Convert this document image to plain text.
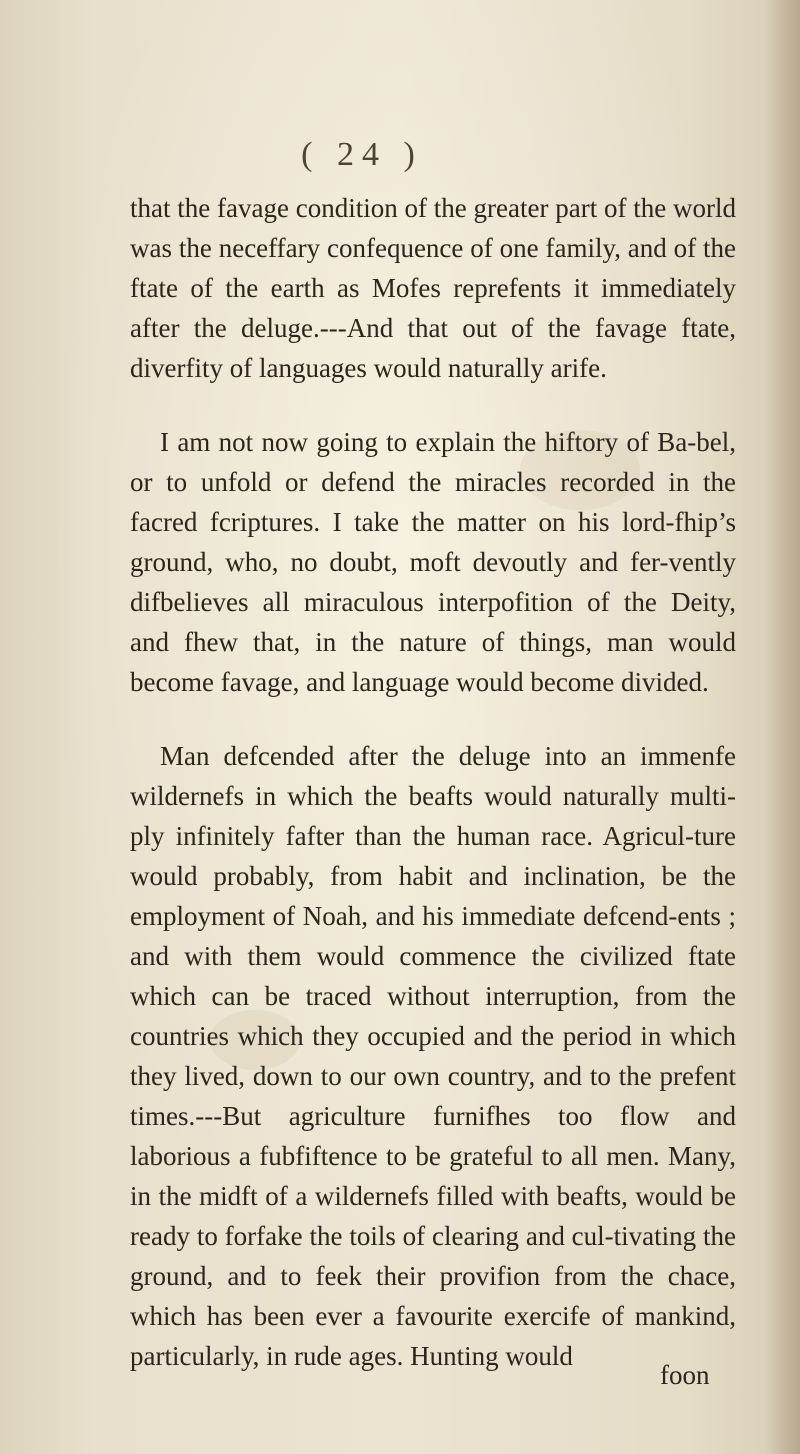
( 24 )

that the favage condition of the greater part of the world was the neceffary confequence of one family, and of the ftate of the earth as Mofes reprefents it immediately after the deluge.---And that out of the favage ftate, diverfity of languages would naturally arife.

I am not now going to explain the hiftory of Ba-bel, or to unfold or defend the miracles recorded in the facred fcriptures. I take the matter on his lord-fhip’s ground, who, no doubt, moft devoutly and fer-vently difbelieves all miraculous interpofition of the Deity, and fhew that, in the nature of things, man would become favage, and language would become divided.

Man defcended after the deluge into an immenfe wildernefs in which the beafts would naturally multi-ply infinitely fafter than the human race. Agricul-ture would probably, from habit and inclination, be the employment of Noah, and his immediate defcend-ents ; and with them would commence the civilized ftate which can be traced without interruption, from the countries which they occupied and the period in which they lived, down to our own country, and to the prefent times.---But agriculture furnifhes too flow and laborious a fubfiftence to be grateful to all men. Many, in the midft of a wildernefs filled with beafts, would be ready to forfake the toils of clearing and cul-tivating the ground, and to feek their provifion from the chace, which has been ever a favourite exercife of mankind, particularly, in rude ages. Hunting would

foon
